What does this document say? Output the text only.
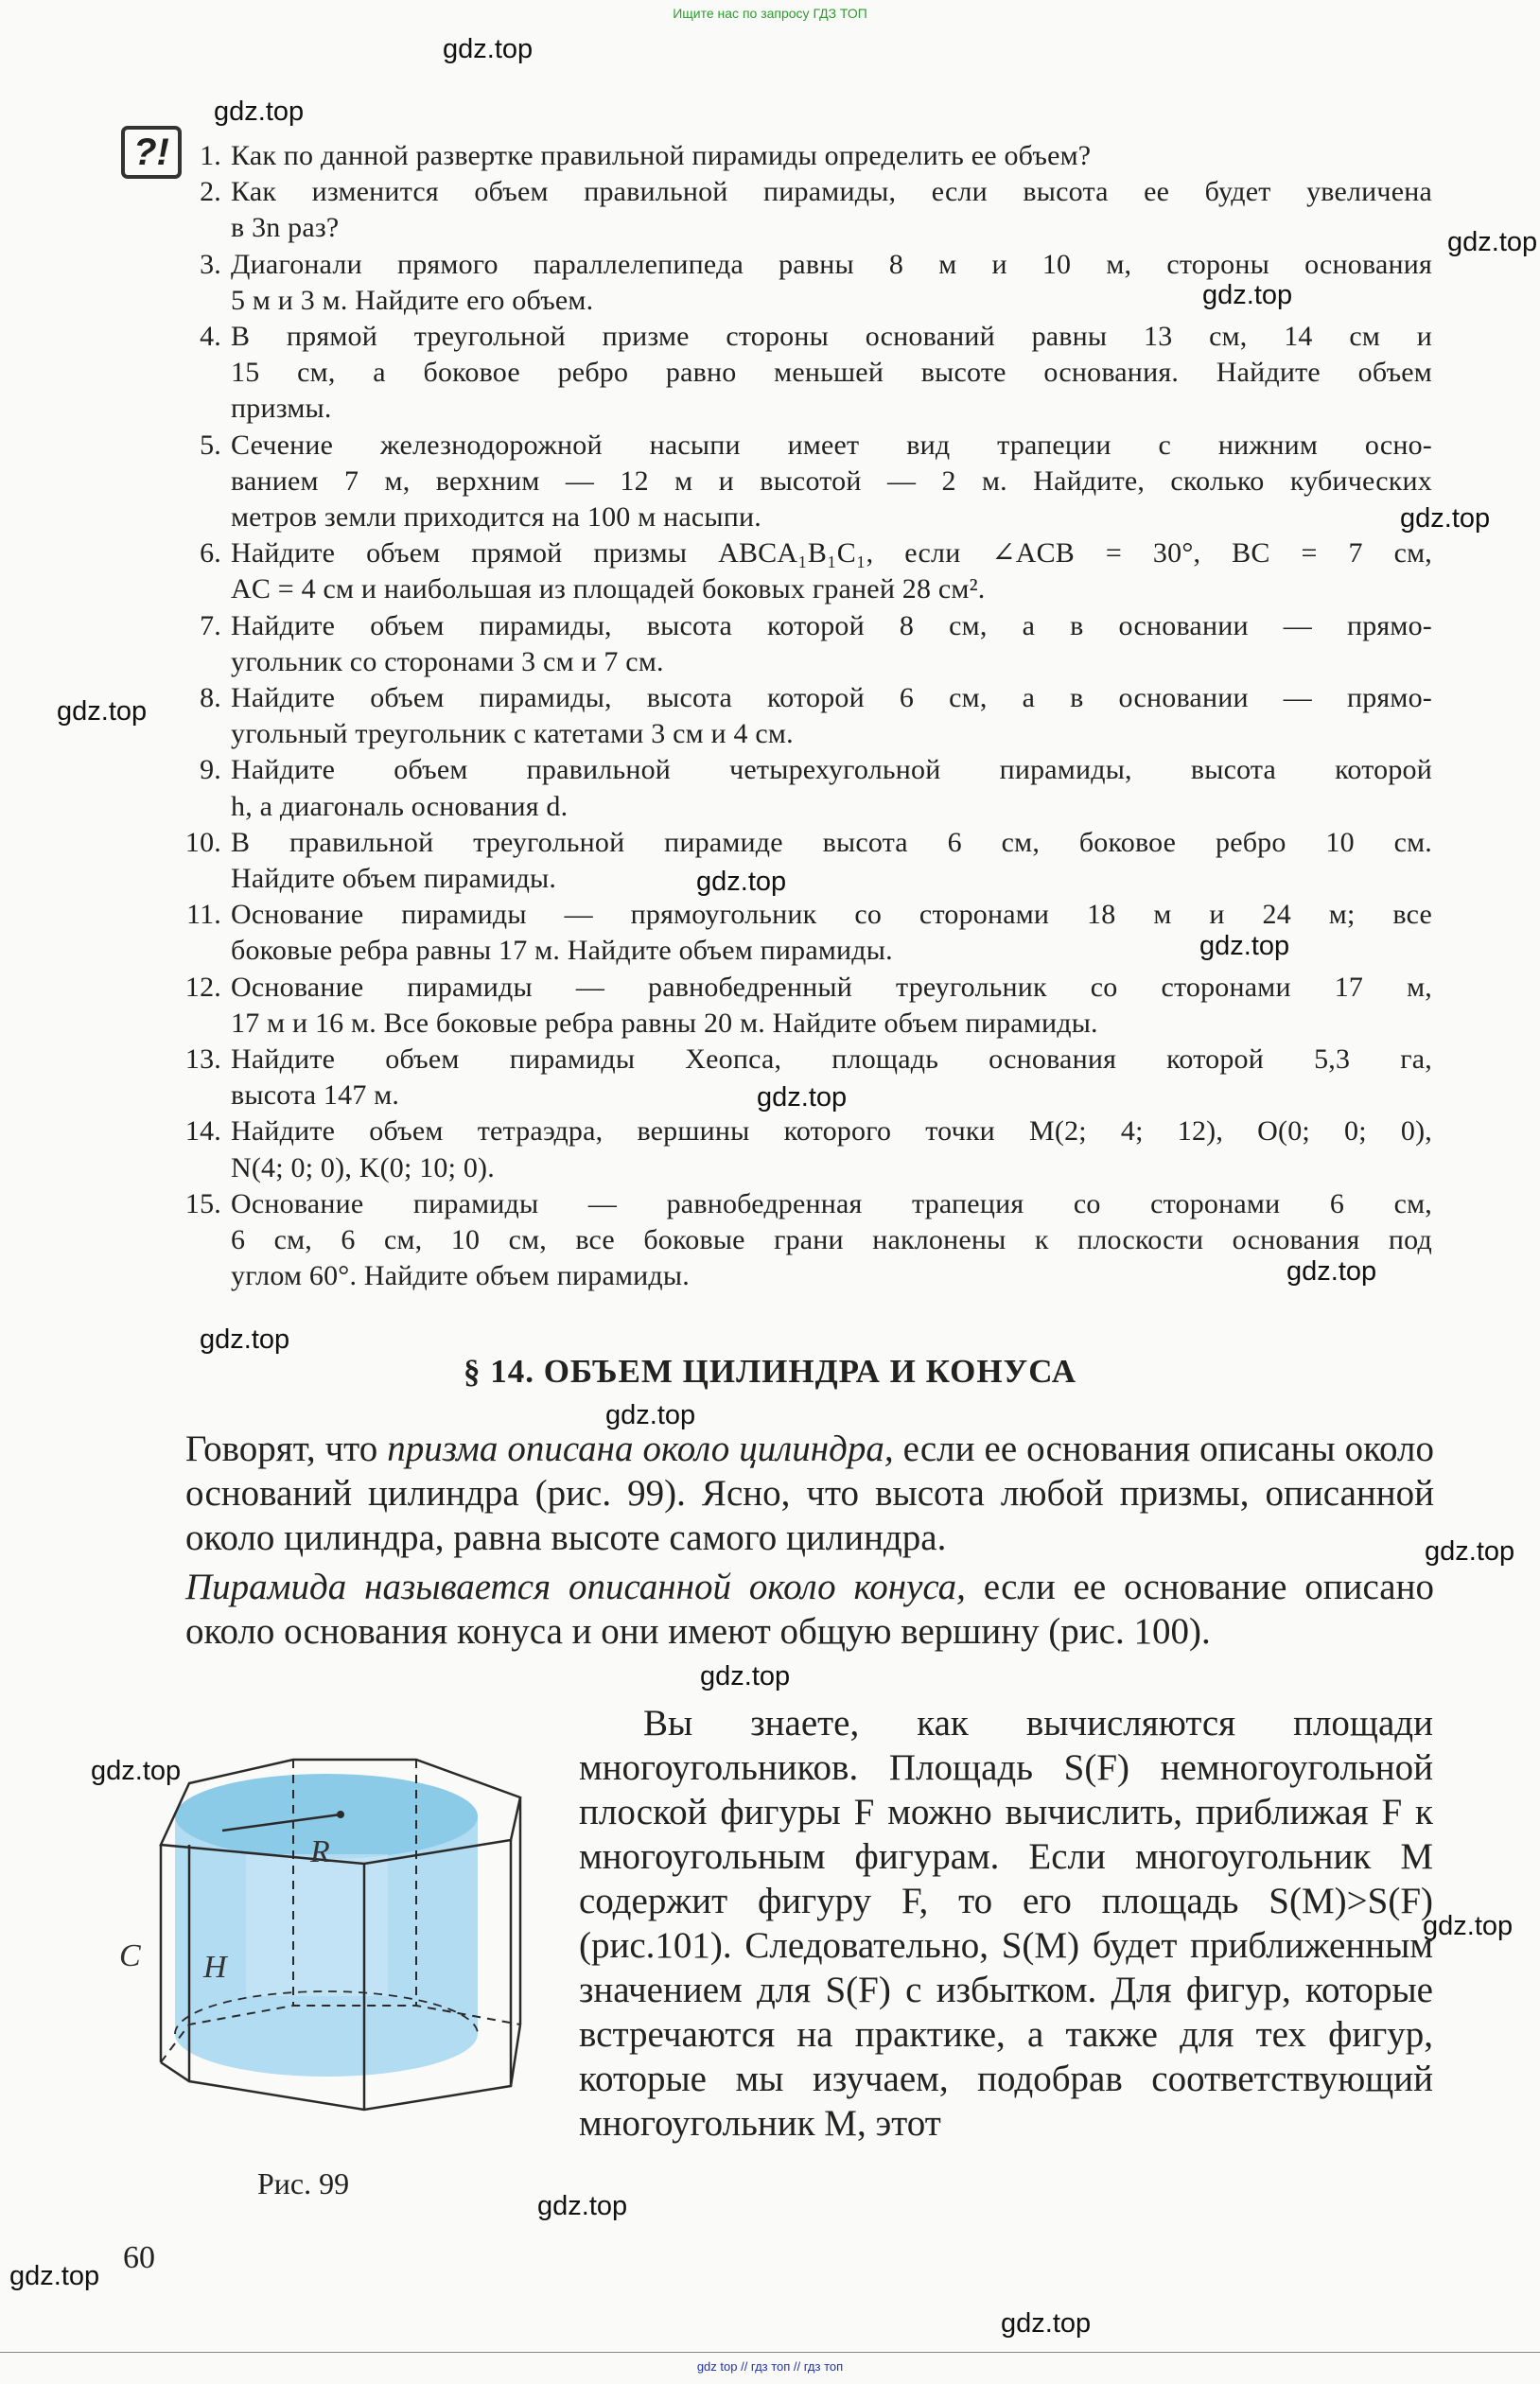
Ищите нас по запросу ГДЗ ТОП
gdz.top
gdz.top
gdz.top
gdz.top
gdz.top
gdz.top
gdz.top
gdz.top
gdz.top
gdz.top
gdz.top
gdz.top
gdz.top
gdz.top
gdz.top
gdz.top
gdz.top
gdz.top
gdz.top
?!	1. Как по данной развертке правильной пирамиды определить ее объем?
2. Как изменится объем правильной пирамиды, если высота ее будет увеличена
в 3n раз?
3. Диагонали прямого параллелепипеда равны 8 м и 10 м, стороны основания
5 м и 3 м. Найдите его объем.
4. В прямой треугольной призме стороны оснований равны 13 см, 14 см и
15 см, а боковое ребро равно меньшей высоте основания. Найдите объем
призмы.
5. Сечение железнодорожной насыпи имеет вид трапеции с нижним осно-
ванием 7 м, верхним — 12 м и высотой — 2 м. Найдите, сколько кубических
метров земли приходится на 100 м насыпи.
6. Найдите объем прямой призмы ABCA₁B₁C₁, если ∠ACB = 30°, BC = 7 см,
AC = 4 см и наибольшая из площадей боковых граней 28 см².
7. Найдите объем пирамиды, высота которой 8 см, а в основании — прямо-
угольник со сторонами 3 см и 7 см.
8. Найдите объем пирамиды, высота которой 6 см, а в основании — прямо-
угольный треугольник с катетами 3 см и 4 см.
9. Найдите объем правильной четырехугольной пирамиды, высота которой
h, а диагональ основания d.
10. В правильной треугольной пирамиде высота 6 см, боковое ребро 10 см.
Найдите объем пирамиды.
11. Основание пирамиды — прямоугольник со сторонами 18 м и 24 м; все
боковые ребра равны 17 м. Найдите объем пирамиды.
12. Основание пирамиды — равнобедренный треугольник со сторонами 17 м,
17 м и 16 м. Все боковые ребра равны 20 м. Найдите объем пирамиды.
13. Найдите объем пирамиды Хеопса, площадь основания которой 5,3 га,
высота 147 м.
14. Найдите объем тетраэдра, вершины которого точки M(2; 4; 12), O(0; 0; 0),
N(4; 0; 0), K(0; 10; 0).
15. Основание пирамиды — равнобедренная трапеция со сторонами 6 см,
6 см, 6 см, 10 см, все боковые грани наклонены к плоскости основания под
углом 60°. Найдите объем пирамиды.
§ 14. ОБЪЕМ ЦИЛИНДРА И КОНУСА
Говорят, что призма описана около цилиндра, если ее основания описаны около оснований цилиндра (рис. 99). Ясно, что высота любой призмы, описанной около цилиндра, равна высоте самого цилиндра.
Пирамида называется описанной около конуса, если ее основание описано около основания конуса и они имеют общую вершину (рис. 100).
Вы знаете, как вычисляются площади многоугольников. Площадь S(F) немногоугольной плоской фигуры F можно вычислить, приближая F к многоугольным фигурам. Если многоугольник M содержит фигуру F, то его площадь S(M)>S(F) (рис.101). Следовательно, S(M) будет приближенным значением для S(F) с избытком. Для фигур, которые встречаются на практике, а также для тех фигур, которые мы изучаем, подобрав соответствующий многоугольник M, этот
R
H
C
Рис. 99
60
gdz top // гдз топ // гдз топ
